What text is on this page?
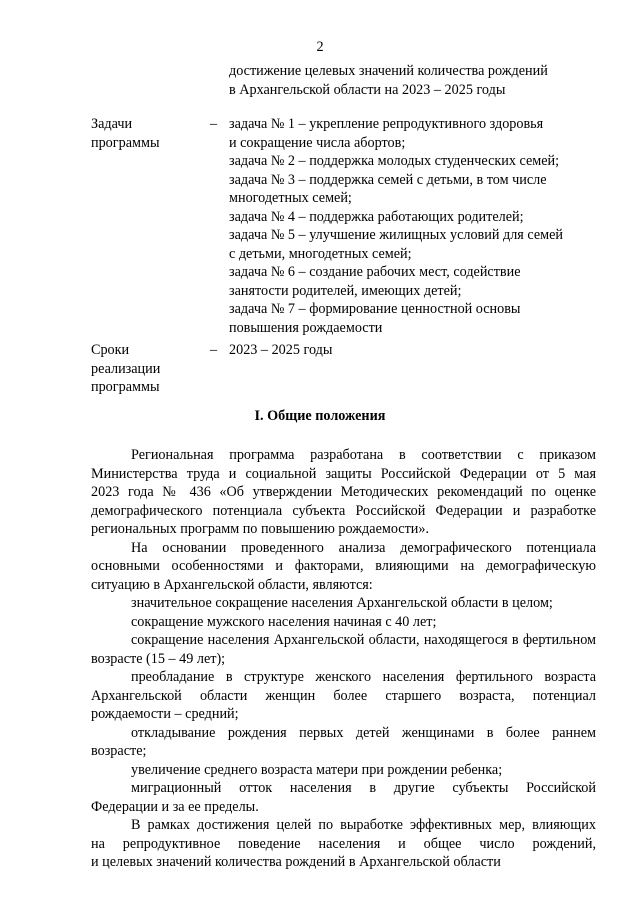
2
достижение целевых значений количества рождений
в Архангельской области на 2023 – 2025 годы
Задачи
программы
– задача № 1 – укрепление репродуктивного здоровья
и сокращение числа абортов;
задача № 2 – поддержка молодых студенческих семей;
задача № 3 – поддержка семей с детьми, в том числе
многодетных семей;
задача № 4 – поддержка работающих родителей;
задача № 5 – улучшение жилищных условий для семей
с детьми, многодетных семей;
задача № 6 – создание рабочих мест, содействие
занятости родителей, имеющих детей;
задача № 7 – формирование ценностной основы
повышения рождаемости
Сроки
реализации
программы
– 2023 – 2025 годы
I. Общие положения

Региональная программа разработана в соответствии с приказом
Министерства труда и социальной защиты Российской Федерации от 5 мая
2023 года № 436 «Об утверждении Методических рекомендаций по оценке
демографического потенциала субъекта Российской Федерации и разработке
региональных программ по повышению рождаемости».

На основании проведенного анализа демографического потенциала
основными особенностями и факторами, влияющими на демографическую
ситуацию в Архангельской области, являются:

значительное сокращение населения Архангельской области в целом;

сокращение мужского населения начиная с 40 лет;

сокращение населения Архангельской области, находящегося в фертильном
возрасте (15 – 49 лет);

преобладание в структуре женского населения фертильного возраста
Архангельской области женщин более старшего возраста, потенциал
рождаемости – средний;

откладывание рождения первых детей женщинами в более раннем
возрасте;

увеличение среднего возраста матери при рождении ребенка;

миграционный отток населения в другие субъекты Российской
Федерации и за ее пределы.

В рамках достижения целей по выработке эффективных мер, влияющих
на репродуктивное поведение населения и общее число рождений,
и целевых значений количества рождений в Архангельской области
